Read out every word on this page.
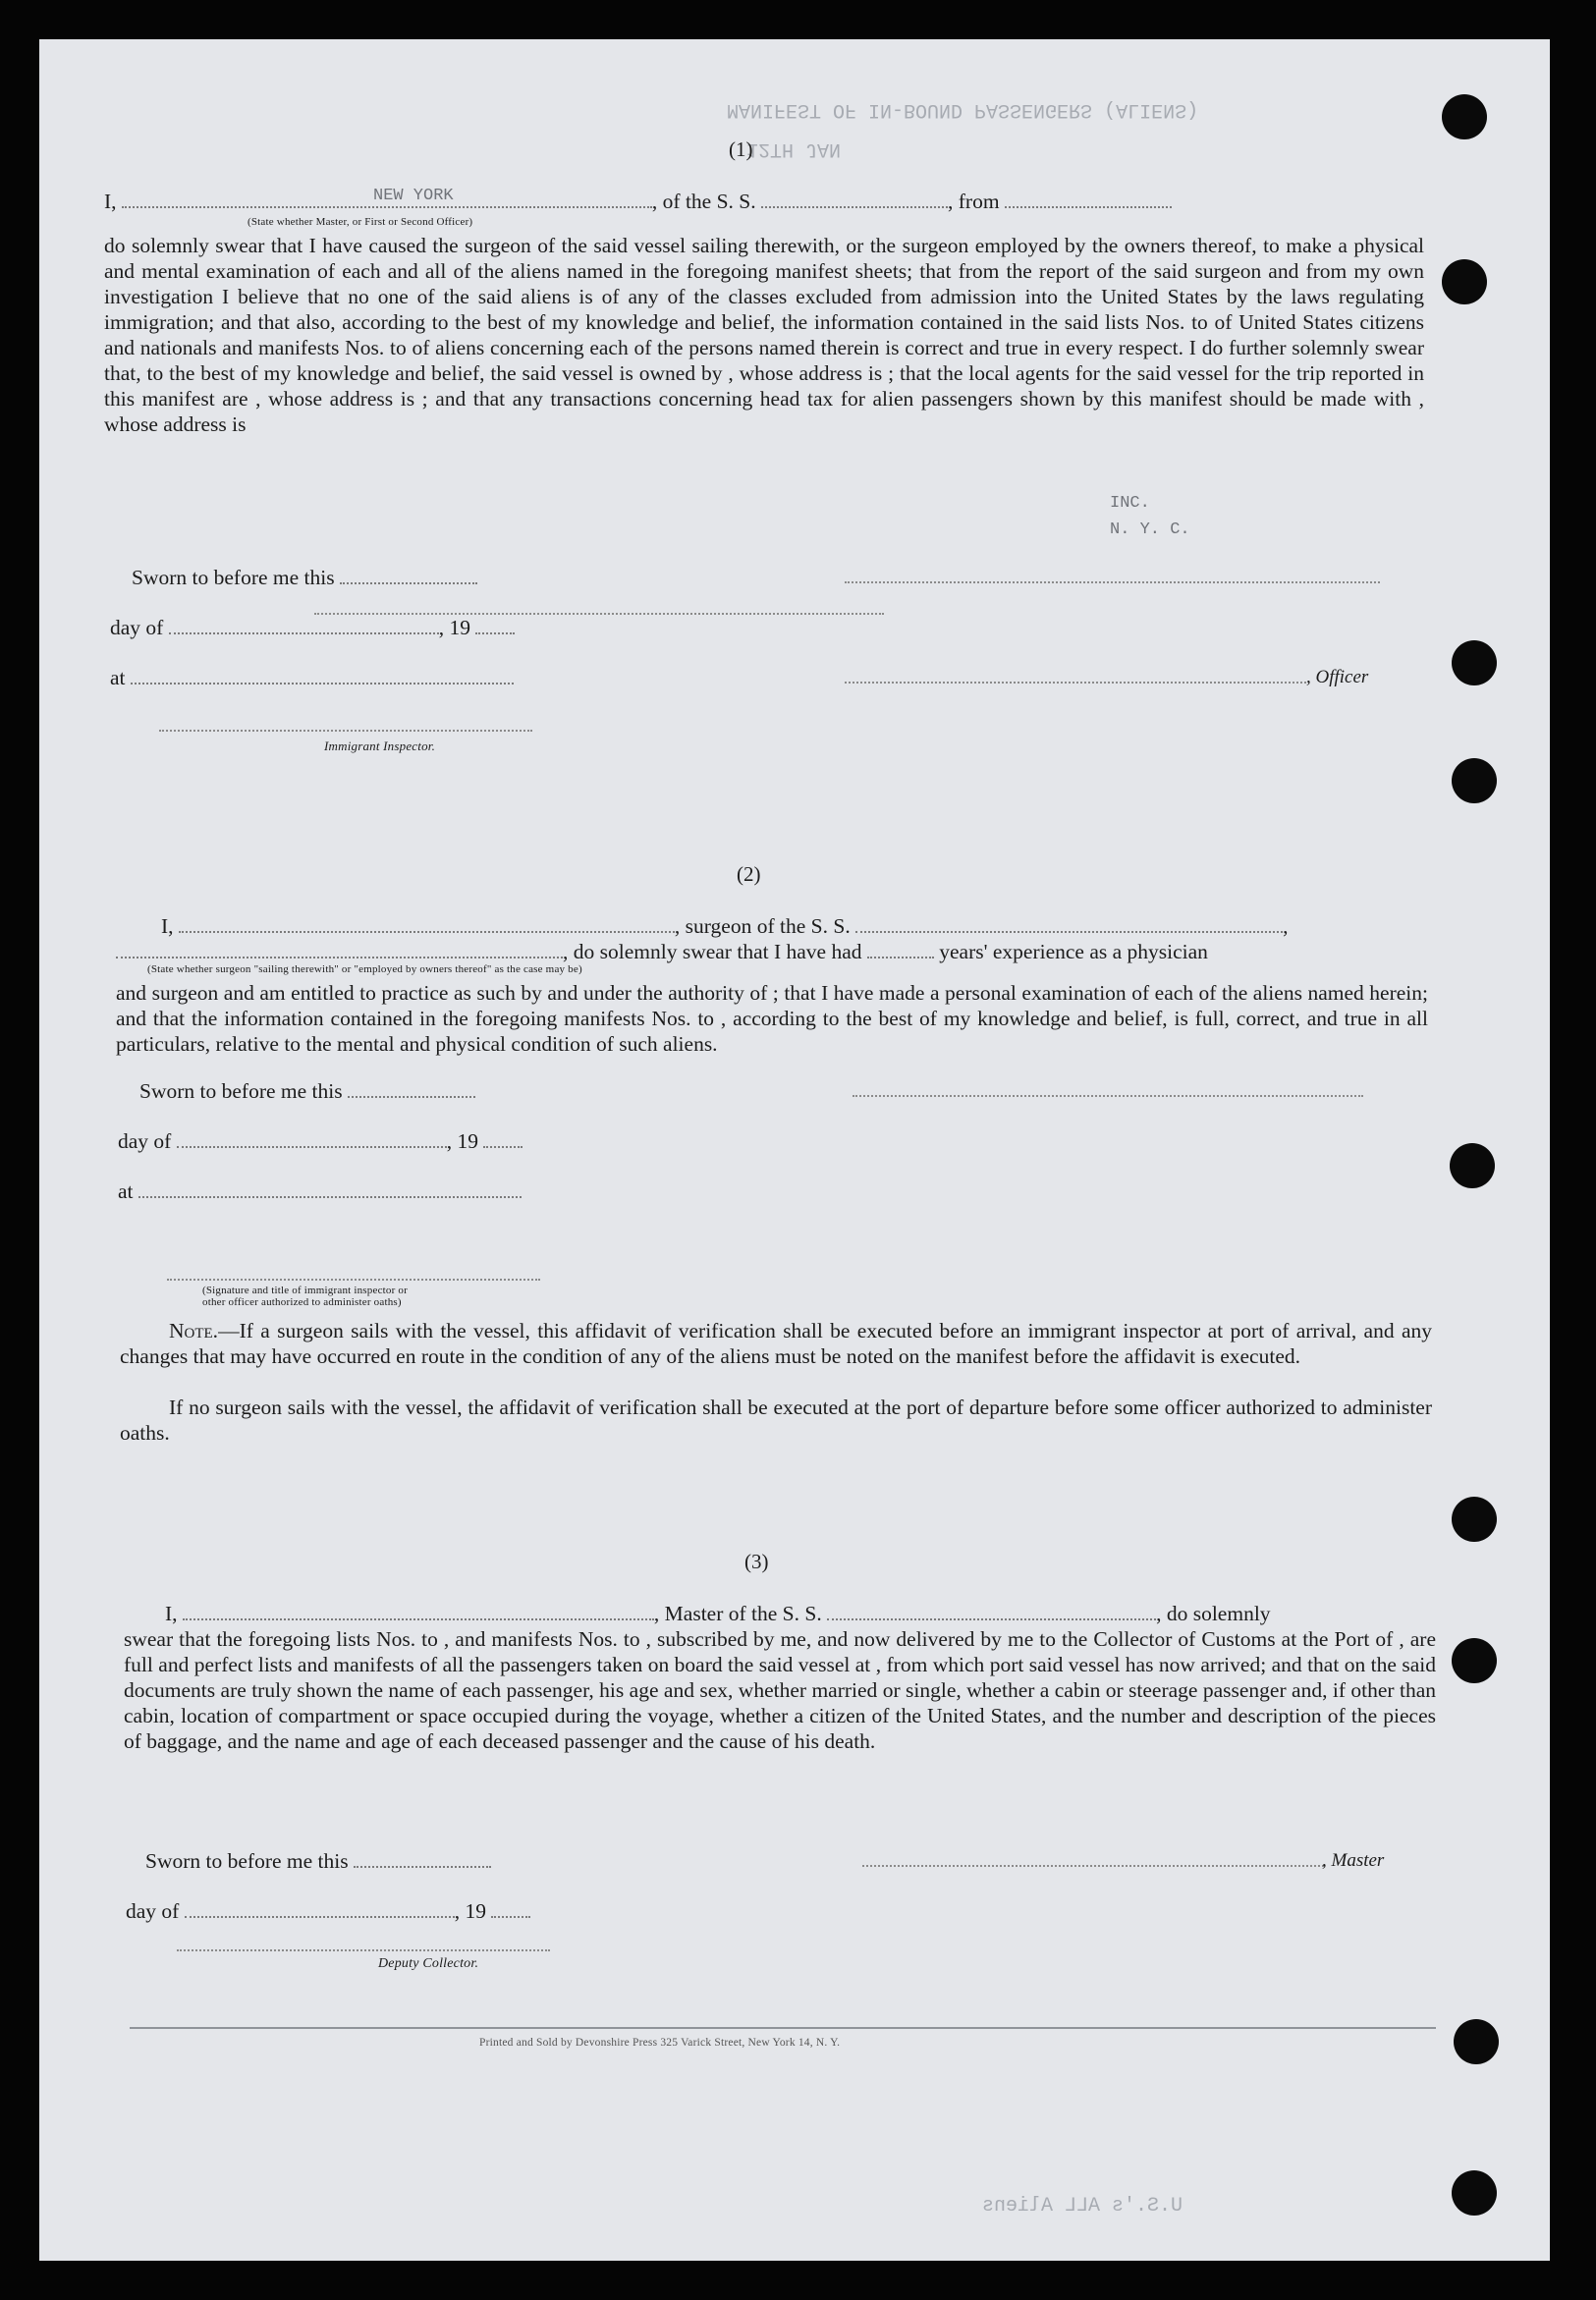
MANIFEST OF IN-BOUND PASSENGERS (ALIENS)
12TH JAN
U.S.'s ALL Aliens
(1)
I,	, of the S. S.	, from
NEW YORK
(State whether Master, or First or Second Officer)
do solemnly swear that I have caused the surgeon of the said vessel sailing therewith, or the surgeon employed by the owners thereof, to make a physical and mental examination of each and all of the aliens named in the foregoing manifest sheets; that from the report of the said surgeon and from my own investigation I believe that no one of the said aliens is of any of the classes excluded from admission into the United States by the laws regulating immigration; and that also, according to the best of my knowledge and belief, the information contained in the said lists Nos. to of United States citizens and nationals and manifests Nos. to of aliens concerning each of the persons named therein is correct and true in every respect. I do further solemnly swear that, to the best of my knowledge and belief, the said vessel is owned by , whose address is ; that the local agents for the said vessel for the trip reported in this manifest are , whose address is ; and that any transactions concerning head tax for alien passengers shown by this manifest should be made with , whose address is
INC.
N. Y. C.
Sworn to before me this
day of	, 19
at	, Officer
Immigrant Inspector.
(2)
I,	, surgeon of the S. S.	,
, do solemnly swear that I have had	years' experience as a physician
(State whether surgeon "sailing therewith" or "employed by owners thereof" as the case may be)
and surgeon and am entitled to practice as such by and under the authority of ; that I have made a personal examination of each of the aliens named herein; and that the information contained in the foregoing manifests Nos. to , according to the best of my knowledge and belief, is full, correct, and true in all particulars, relative to the mental and physical condition of such aliens.
Sworn to before me this
day of	, 19
at
(Signature and title of immigrant inspector or
other officer authorized to administer oaths)
Note.—If a surgeon sails with the vessel, this affidavit of verification shall be executed before an immigrant inspector at port of arrival, and any changes that may have occurred en route in the condition of any of the aliens must be noted on the manifest before the affidavit is executed.
If no surgeon sails with the vessel, the affidavit of verification shall be executed at the port of departure before some officer authorized to administer oaths.
(3)
I,	, Master of the S. S.	, do solemnly
swear that the foregoing lists Nos. to , and manifests Nos. to , subscribed by me, and now delivered by me to the Collector of Customs at the Port of , are full and perfect lists and manifests of all the passengers taken on board the said vessel at , from which port said vessel has now arrived; and that on the said documents are truly shown the name of each passenger, his age and sex, whether married or single, whether a cabin or steerage passenger and, if other than cabin, location of compartment or space occupied during the voyage, whether a citizen of the United States, and the number and description of the pieces of baggage, and the name and age of each deceased passenger and the cause of his death.
Sworn to before me this	, Master
day of	, 19
Deputy Collector.
Printed and Sold by Devonshire Press 325 Varick Street, New York 14, N. Y.
